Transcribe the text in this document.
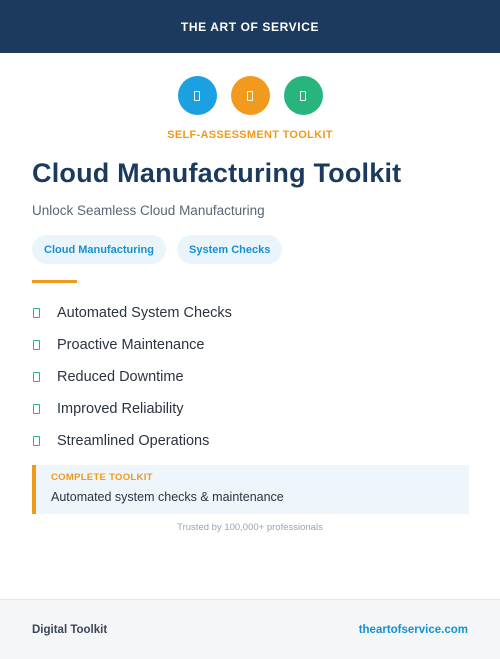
THE ART OF SERVICE
SELF-ASSESSMENT TOOLKIT
Cloud Manufacturing Toolkit
Unlock Seamless Cloud Manufacturing
Cloud Manufacturing	System Checks
Automated System Checks
Proactive Maintenance
Reduced Downtime
Improved Reliability
Streamlined Operations
COMPLETE TOOLKIT
Automated system checks & maintenance
Trusted by 100,000+ professionals
Digital Toolkit	theartofservice.com
